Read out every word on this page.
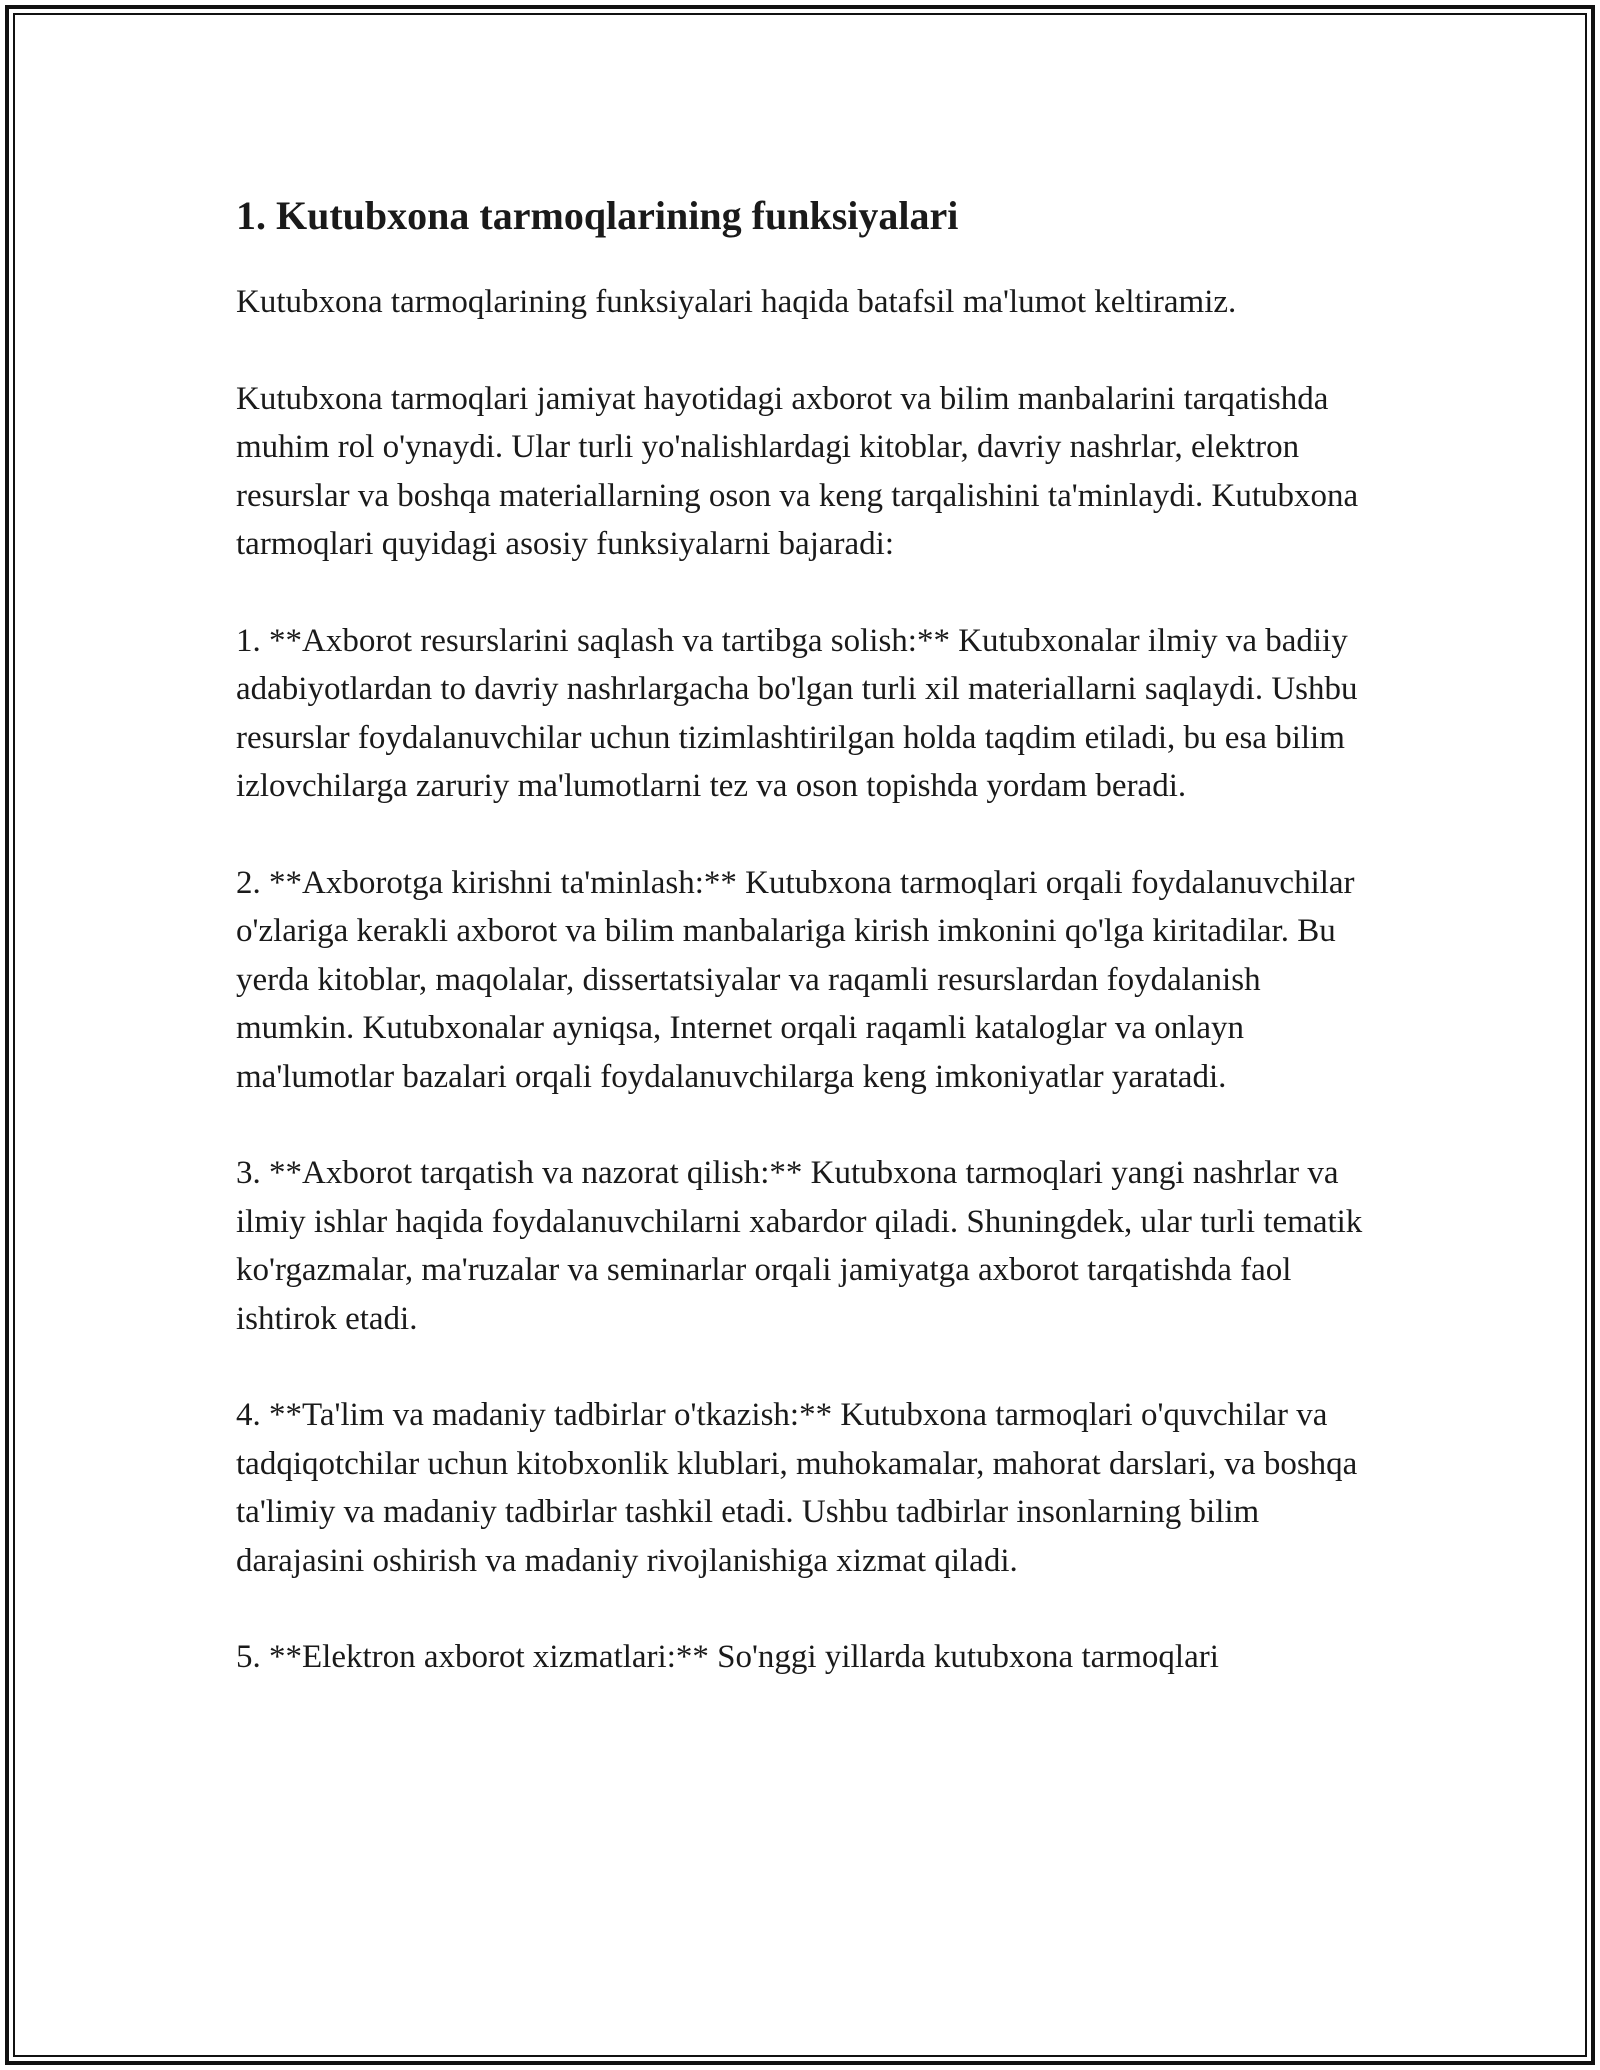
1. Kutubxona tarmoqlarining funksiyalari

Kutubxona tarmoqlarining funksiyalari haqida batafsil ma'lumot keltiramiz.

Kutubxona tarmoqlari jamiyat hayotidagi axborot va bilim manbalarini tarqatishda muhim rol o'ynaydi. Ular turli yo'nalishlardagi kitoblar, davriy nashrlar, elektron resurslar va boshqa materiallarning oson va keng tarqalishini ta'minlaydi. Kutubxona tarmoqlari quyidagi asosiy funksiyalarni bajaradi:

1. **Axborot resurslarini saqlash va tartibga solish:** Kutubxonalar ilmiy va badiiy adabiyotlardan to davriy nashrlargacha bo'lgan turli xil materiallarni saqlaydi. Ushbu resurslar foydalanuvchilar uchun tizimlashtirilgan holda taqdim etiladi, bu esa bilim izlovchilarga zaruriy ma'lumotlarni tez va oson topishda yordam beradi.

2. **Axborotga kirishni ta'minlash:** Kutubxona tarmoqlari orqali foydalanuvchilar o'zlariga kerakli axborot va bilim manbalariga kirish imkonini qo'lga kiritadilar. Bu yerda kitoblar, maqolalar, dissertatsiyalar va raqamli resurslardan foydalanish mumkin. Kutubxonalar ayniqsa, Internet orqali raqamli kataloglar va onlayn ma'lumotlar bazalari orqali foydalanuvchilarga keng imkoniyatlar yaratadi.

3. **Axborot tarqatish va nazorat qilish:** Kutubxona tarmoqlari yangi nashrlar va ilmiy ishlar haqida foydalanuvchilarni xabardor qiladi. Shuningdek, ular turli tematik ko'rgazmalar, ma'ruzalar va seminarlar orqali jamiyatga axborot tarqatishda faol ishtirok etadi.

4. **Ta'lim va madaniy tadbirlar o'tkazish:** Kutubxona tarmoqlari o'quvchilar va tadqiqotchilar uchun kitobxonlik klublari, muhokamalar, mahorat darslari, va boshqa ta'limiy va madaniy tadbirlar tashkil etadi. Ushbu tadbirlar insonlarning bilim darajasini oshirish va madaniy rivojlanishiga xizmat qiladi.

5. **Elektron axborot xizmatlari:** So'nggi yillarda kutubxona tarmoqlari
